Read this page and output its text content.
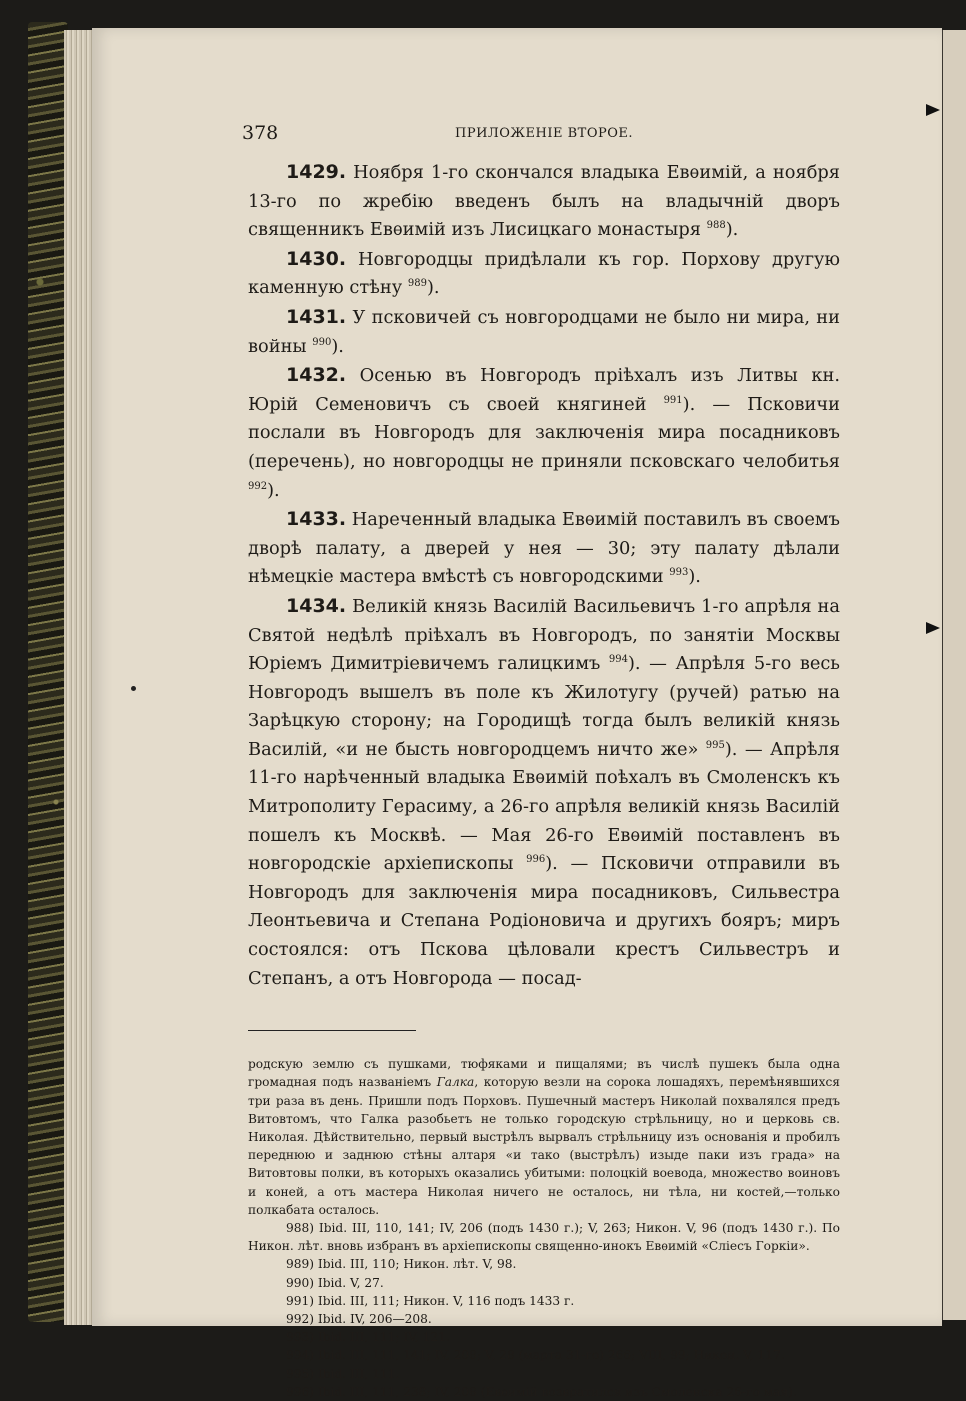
378	ПРИЛОЖЕНІЕ ВТОРОЕ.

1429. Ноября 1-го скончался владыка Евѳимій, а ноября 13-го по жребію введенъ былъ на владычній дворъ священникъ Евѳимій изъ Лисицкаго монастыря $^{988}$).

1430. Новгородцы придѣлали къ гор. Порхову другую каменную стѣну $^{989}$).

1431. У псковичей съ новгородцами не было ни мира, ни войны $^{990}$).

1432. Осенью въ Новгородъ пріѣхалъ изъ Литвы кн. Юрій Семеновичъ съ своей княгиней $^{991}$). — Псковичи послали въ Новгородъ для заключенія мира посадниковъ (перечень), но новгородцы не приняли псковскаго челобитья $^{992}$).

1433. Нареченный владыка Евѳимій поставилъ въ своемъ дворѣ палату, а дверей у нея — 30; эту палату дѣлали нѣмецкіе мастера вмѣстѣ съ новгородскими $^{993}$).

1434. Великій князь Василій Васильевичъ 1-го апрѣля на Святой недѣлѣ пріѣхалъ въ Новгородъ, по занятіи Москвы Юріемъ Димитріевичемъ галицкимъ $^{994}$). — Апрѣля 5-го весь Новгородъ вышелъ въ поле къ Жилотугу (ручей) ратью на Зарѣцкую сторону; на Городищѣ тогда былъ великій князь Василій, «и не бысть новгородцемъ ничто же» $^{995}$). — Апрѣля 11-го нарѣченный владыка Евѳимій поѣхалъ въ Смоленскъ къ Митрополиту Герасиму, а 26-го апрѣля великій князь Василій пошелъ къ Москвѣ. — Мая 26-го Евѳимій поставленъ въ новгородскіе архіепископы $^{996}$). — Псковичи отправили въ Новгородъ для заключенія мира посадниковъ, Сильвестра Леонтьевича и Степана Родіоновича и другихъ бояръ; миръ состоялся: отъ Пскова цѣловали крестъ Сильвестръ и Степанъ, а отъ Новгорода — посад-

родскую землю съ пушками, тюфяками и пищалями; въ числѣ пушекъ была одна громадная подъ названіемъ Галка, которую везли на сорока лошадяхъ, перемѣнявшихся три раза въ день. Пришли подъ Порховъ. Пушечный мастеръ Николай похвалялся предъ Витовтомъ, что Галка разобьетъ не только городскую стрѣльницу, но и церковь св. Николая. Дѣйствительно, первый выстрѣлъ вырвалъ стрѣльницу изъ основанія и пробилъ переднюю и заднюю стѣны алтаря «и тако (выстрѣлъ) изыде паки изъ града» на Витовтовы полки, въ которыхъ оказались убитыми: полоцкій воевода, множество воиновъ и коней, а отъ мастера Николая ничего не осталось, ни тѣла, ни костей,—только полкабата осталось.

988) Ibid. III, 110, 141; IV, 206 (подъ 1430 г.); V, 263; Никон. V, 96 (подъ 1430 г.). По Никон. лѣт. вновь избранъ въ архіепископы священно-инокъ Евѳимій «Сліесъ Горкіи».

989) Ibid. III, 110; Никон. лѣт. V, 98.

990) Ibid. V, 27.

991) Ibid. III, 111; Никон. V, 116 подъ 1433 г.

992) Ibid. IV, 206—208.

993) Ibid. III, 111; IV, 121.

994) Ibid. III, 111, 141; IV, 208; V, 28 (марта 31-го) 266; VIII, 99; Никон. V, 117.

995) Ibid. III, 111.

996) Ibid. III, 111, 238; IV, 208 (Евѳимій возвратился изъ Смоленска 26-го мая).
